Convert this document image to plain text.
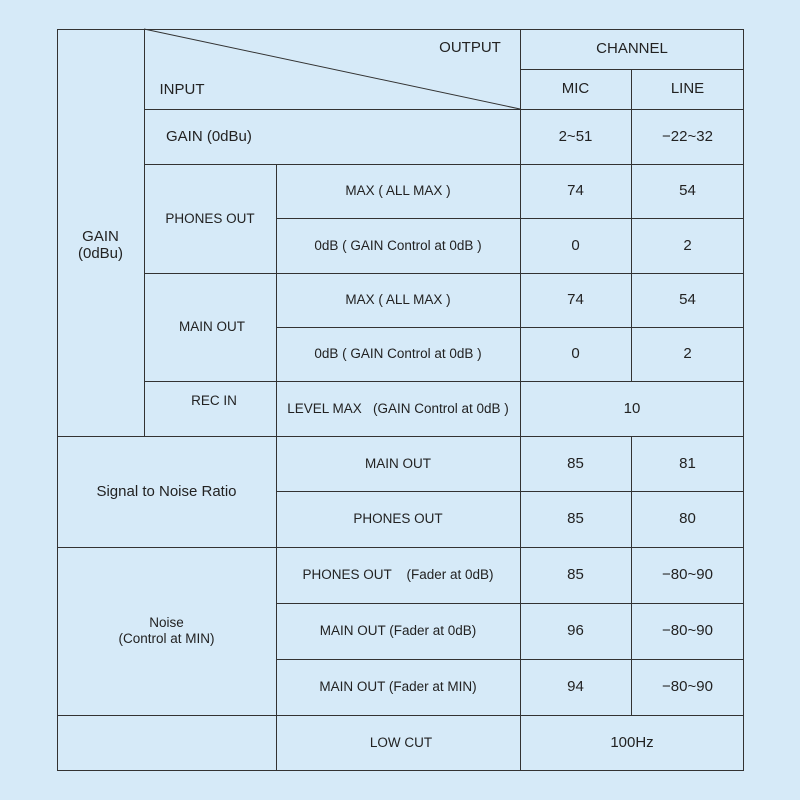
OUTPUT
INPUT
CHANNEL
MIC	LINE
GAIN
(0dBu)
GAIN (0dBu)	2~51	−22~32
PHONES OUT
MAX ( ALL MAX )	74	54
0dB ( GAIN Control at 0dB )	0	2
MAIN OUT
MAX ( ALL MAX )	74	54
0dB ( GAIN Control at 0dB )	0	2
REC IN	LEVEL MAX   (GAIN Control at 0dB )	10
Signal to Noise Ratio
MAIN OUT	85	81
PHONES OUT	85	80
Noise
(Control at MIN)
PHONES OUT    (Fader at 0dB)	85	−80~90
MAIN OUT (Fader at 0dB)	96	−80~90
MAIN OUT (Fader at MIN)	94	−80~90
LOW CUT	100Hz
